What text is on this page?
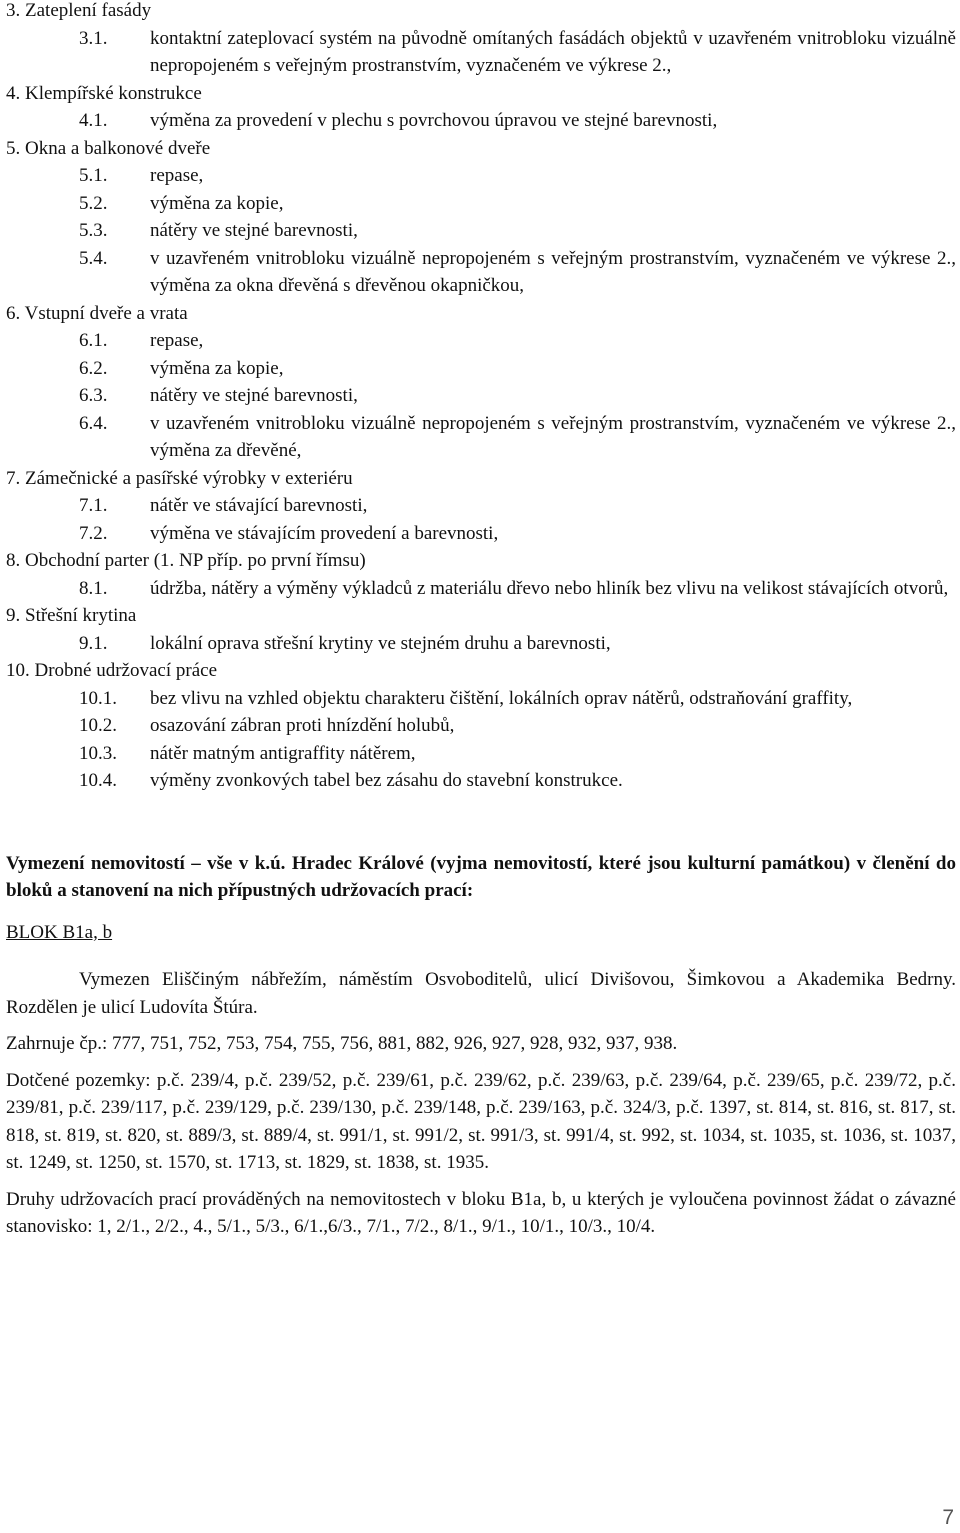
3. Zateplení fasády
3.1.	kontaktní zateplovací systém na původně omítaných fasádách objektů v uzavřeném vnitrobloku vizuálně nepropojeném s veřejným prostranstvím, vyznačeném ve výkrese 2.,
4. Klempířské konstrukce
4.1.	výměna za provedení v plechu s povrchovou úpravou ve stejné barevnosti,
5. Okna a balkonové dveře
5.1.	repase,
5.2.	výměna za kopie,
5.3.	nátěry ve stejné barevnosti,
5.4.	v uzavřeném vnitrobloku vizuálně nepropojeném s veřejným prostranstvím, vyznačeném ve výkrese 2., výměna za okna dřevěná s dřevěnou okapničkou,
6. Vstupní dveře a vrata
6.1.	repase,
6.2.	výměna za kopie,
6.3.	nátěry ve stejné barevnosti,
6.4.	v uzavřeném vnitrobloku vizuálně nepropojeném s veřejným prostranstvím, vyznačeném ve výkrese 2., výměna za dřevěné,
7. Zámečnické a pasířské výrobky v exteriéru
7.1.	nátěr ve stávající barevnosti,
7.2.	výměna ve stávajícím provedení a barevnosti,
8. Obchodní parter (1. NP příp. po první římsu)
8.1.	údržba, nátěry a výměny výkladců z materiálu dřevo nebo hliník bez vlivu na velikost stávajících otvorů,
9. Střešní krytina
9.1.	lokální oprava střešní krytiny ve stejném druhu a barevnosti,
10. Drobné udržovací práce
10.1.	bez vlivu na vzhled objektu charakteru čištění, lokálních oprav nátěrů, odstraňování graffity,
10.2.	osazování zábran proti hnízdění holubů,
10.3.	nátěr matným antigraffity nátěrem,
10.4.	výměny zvonkových tabel bez zásahu do stavební konstrukce.

Vymezení nemovitostí – vše v k.ú. Hradec Králové (vyjma nemovitostí, které jsou kulturní památkou) v členění do bloků a stanovení na nich přípustných udržovacích prací:

BLOK B1a, b

Vymezen Eliščiným nábřežím, náměstím Osvoboditelů, ulicí Divišovou, Šimkovou a Akademika Bedrny. Rozdělen je ulicí Ludovíta Štúra.

Zahrnuje čp.: 777, 751, 752, 753, 754, 755, 756, 881, 882, 926, 927, 928, 932, 937, 938.

Dotčené pozemky: p.č. 239/4, p.č. 239/52, p.č. 239/61, p.č. 239/62, p.č. 239/63, p.č. 239/64, p.č. 239/65, p.č. 239/72, p.č. 239/81, p.č. 239/117, p.č. 239/129, p.č. 239/130, p.č. 239/148, p.č. 239/163, p.č. 324/3, p.č. 1397, st. 814, st. 816, st. 817, st. 818, st. 819, st. 820, st. 889/3, st. 889/4, st. 991/1, st. 991/2, st. 991/3, st. 991/4, st. 992, st. 1034, st. 1035, st. 1036, st. 1037, st. 1249, st. 1250, st. 1570, st. 1713, st. 1829, st. 1838, st. 1935.

Druhy udržovacích prací prováděných na nemovitostech v bloku B1a, b, u kterých je vyloučena povinnost žádat o závazné stanovisko: 1, 2/1., 2/2., 4., 5/1., 5/3., 6/1.,6/3., 7/1., 7/2., 8/1., 9/1., 10/1., 10/3., 10/4.

7
